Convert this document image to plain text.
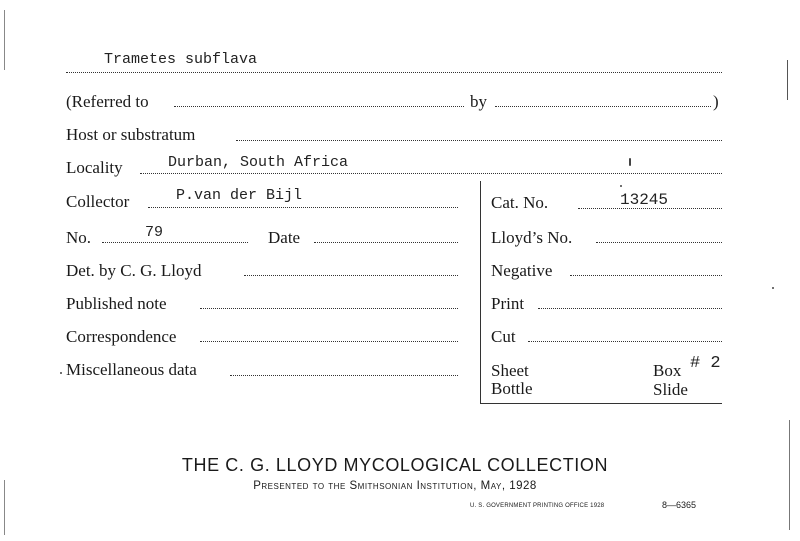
Trametes subflava
(Referred to	by	)
Host or substratum
Locality	Durban, South Africa
Collector	P.van der Bijl
No.	79	Date
Det. by C. G. Lloyd
Published note
Correspondence
Miscellaneous data
Cat. No.	13245
Lloyd’s No.
Negative
Print
Cut
Sheet
Bottle
Box # 2
Slide
THE C. G. LLOYD MYCOLOGICAL COLLECTION
Presented to the Smithsonian Institution, May, 1928
U. S. GOVERNMENT PRINTING OFFICE 1928	8—6365
